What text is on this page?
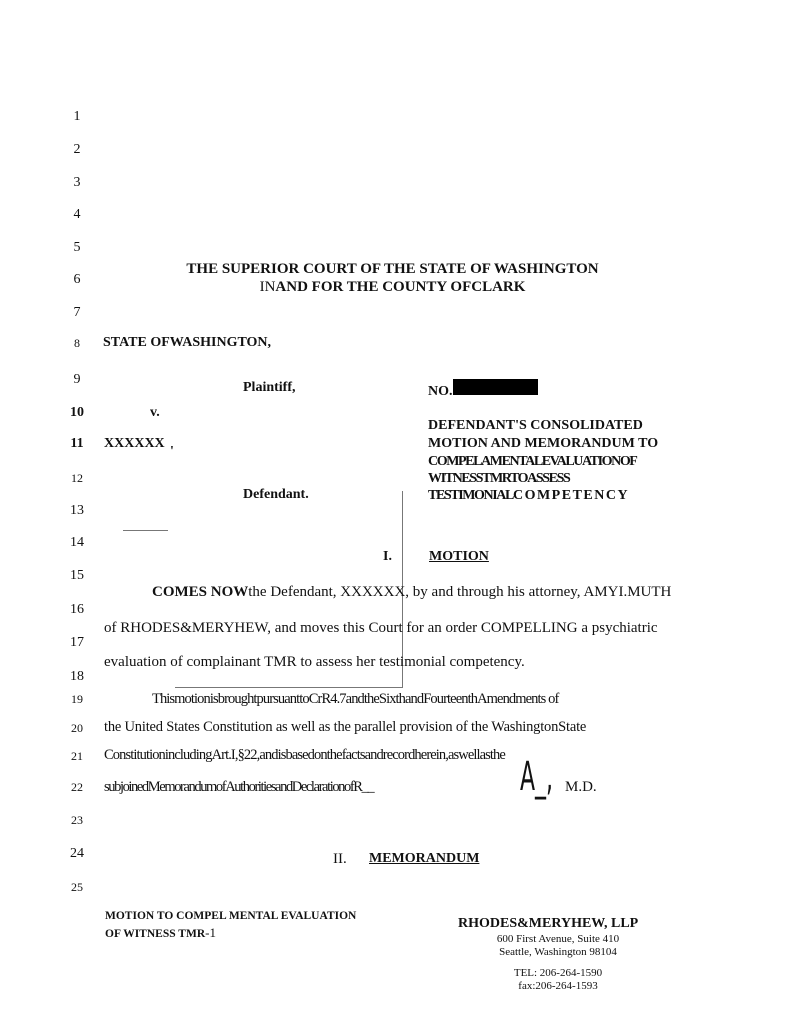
1
2
3
4
5
6
7
8
9
10
11
12
13
14
15
16
17
18
19
20
21
22
23
24
25
THE SUPERIOR COURT OF THE STATE OF WASHINGTON
INAND FOR THE COUNTY OFCLARK
STATE OFWASHINGTON,
Plaintiff,
v.
XXXXXX
'
Defendant.
NO.
DEFENDANT'S CONSOLIDATED
MOTION AND MEMORANDUM TO
COMPELAMENTALEVALUATIONOF
WITNESSTMRTOASSESS
TESTIMONIALCOMPETENCY
I.	MOTION
COMES NOWthe Defendant, XXXXXX, by and through his attorney, AMYI.MUTH
of RHODES&MERYHEW, and moves this Court for an order COMPELLING a psychiatric
evaluation of complainant TMR to assess her testimonial competency.
ThismotionisbroughtpursuanttoCrR4.7andtheSixthandFourteenthAmendments of
the United States Constitution as well as the parallel provision of the WashingtonState
ConstitutionincludingArt.I,§22,andisbasedonthefactsandrecordherein,aswellasthe
subjoinedMemorandumofAuthoritiesandDeclarationofR__	A_, M.D.
II. MEMORANDUM
MOTION TO COMPEL MENTAL EVALUATION
OF WITNESS TMR-1
RHODES&MERYHEW, LLP
600 First Avenue, Suite 410
Seattle, Washington 98104
TEL: 206-264-1590
fax:206-264-1593
